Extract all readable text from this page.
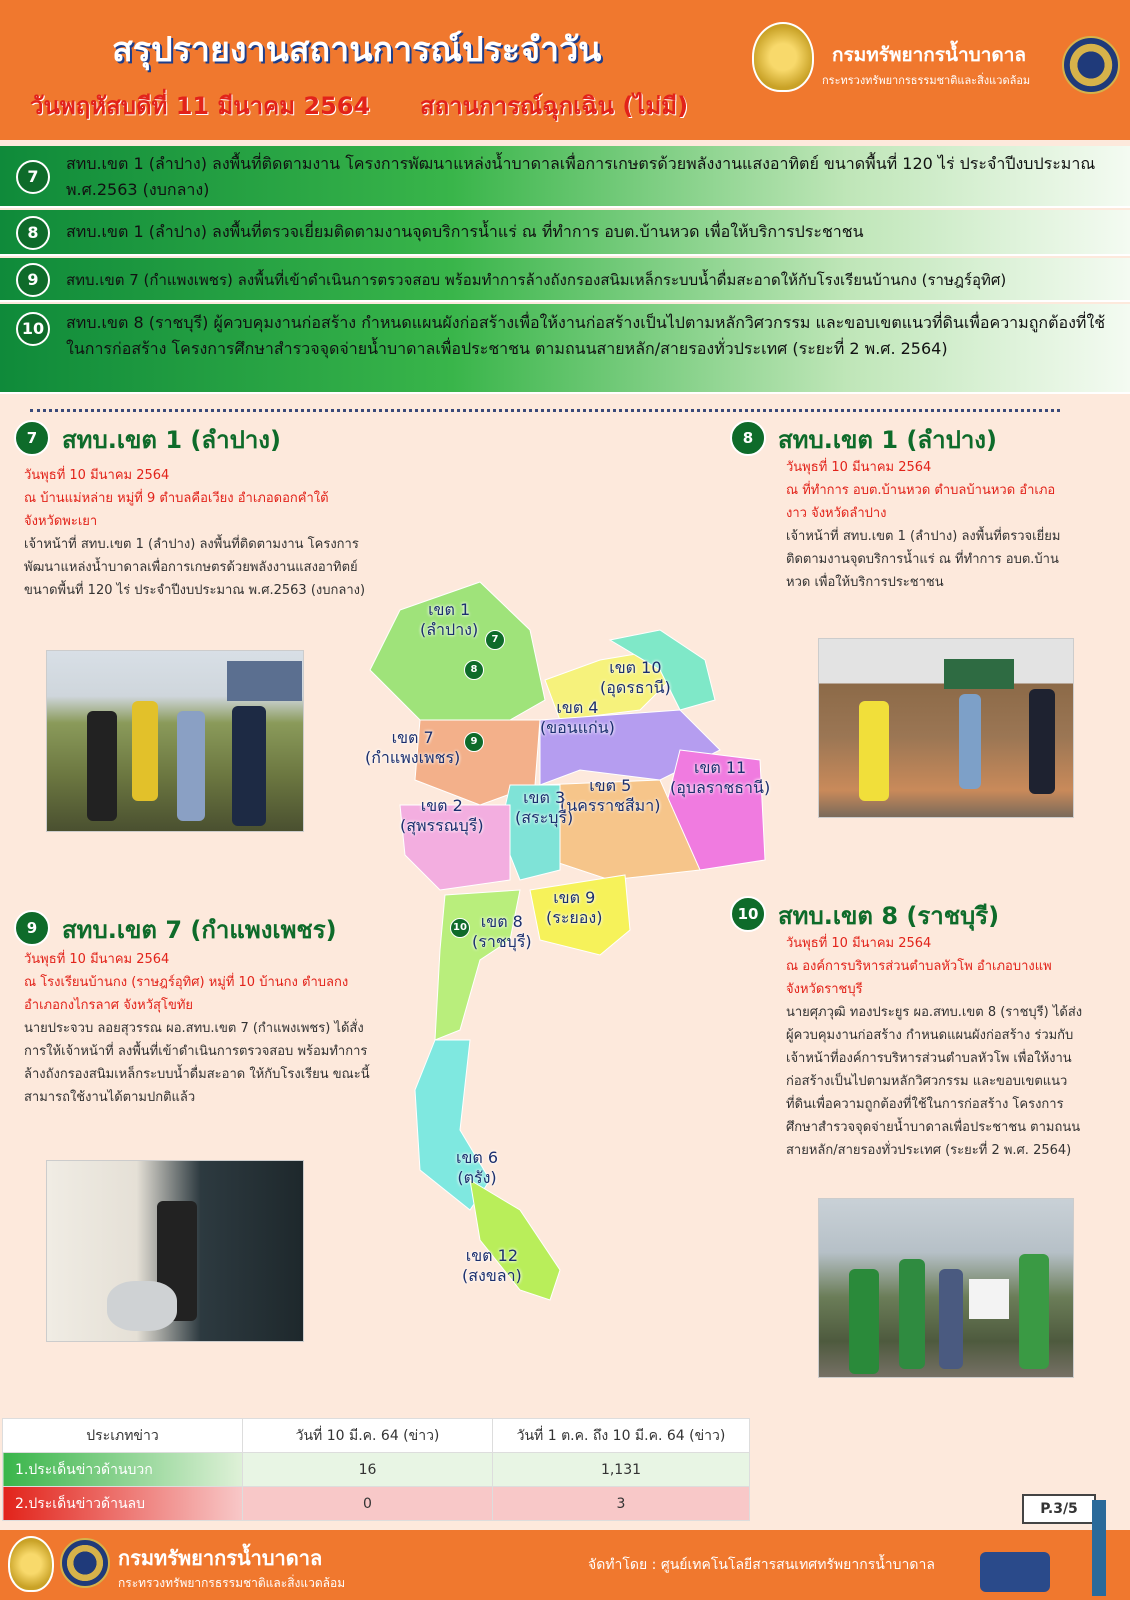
สรุปรายงานสถานการณ์ประจำวัน
วันพฤหัสบดีที่ 11 มีนาคม 2564 สถานการณ์ฉุกเฉิน (ไม่มี)
กรมทรัพยากรน้ำบาดาล
กระทรวงทรัพยากรธรรมชาติและสิ่งแวดล้อม
7
สทบ.เขต 1 (ลำปาง) ลงพื้นที่ติดตามงาน โครงการพัฒนาแหล่งน้ำบาดาลเพื่อการเกษตรด้วยพลังงานแสงอาทิตย์ ขนาดพื้นที่ 120 ไร่ ประจำปีงบประมาณ พ.ศ.2563 (งบกลาง)
8	สทบ.เขต 1 (ลำปาง) ลงพื้นที่ตรวจเยี่ยมติดตามงานจุดบริการน้ำแร่ ณ ที่ทำการ อบต.บ้านหวด เพื่อให้บริการประชาชน
9	สทบ.เขต 7 (กำแพงเพชร) ลงพื้นที่เข้าดำเนินการตรวจสอบ พร้อมทำการล้างถังกรองสนิมเหล็กระบบน้ำดื่มสะอาดให้กับโรงเรียนบ้านกง (ราษฎร์อุทิศ)
10	สทบ.เขต 8 (ราชบุรี) ผู้ควบคุมงานก่อสร้าง กำหนดแผนผังก่อสร้างเพื่อให้งานก่อสร้างเป็นไปตามหลักวิศวกรรม และขอบเขตแนวที่ดินเพื่อความถูกต้องที่ใช้ในการก่อสร้าง โครงการศึกษาสำรวจจุดจ่ายน้ำบาดาลเพื่อประชาชน ตามถนนสายหลัก/สายรองทั่วประเทศ (ระยะที่ 2 พ.ศ. 2564)
7	สทบ.เขต 1 (ลำปาง)
วันพุธที่ 10 มีนาคม 2564
ณ บ้านแม่หล่าย หมู่ที่ 9 ตำบลคือเวียง อำเภอดอกคำใต้ จังหวัดพะเยา
เจ้าหน้าที่ สทบ.เขต 1 (ลำปาง) ลงพื้นที่ติดตามงาน โครงการพัฒนาแหล่งน้ำบาดาลเพื่อการเกษตรด้วยพลังงานแสงอาทิตย์ ขนาดพื้นที่ 120 ไร่ ประจำปีงบประมาณ พ.ศ.2563 (งบกลาง)
8	สทบ.เขต 1 (ลำปาง)
วันพุธที่ 10 มีนาคม 2564
ณ ที่ทำการ อบต.บ้านหวด ตำบลบ้านหวด อำเภองาว จังหวัดลำปาง
เจ้าหน้าที่ สทบ.เขต 1 (ลำปาง) ลงพื้นที่ตรวจเยี่ยมติดตามงานจุดบริการน้ำแร่ ณ ที่ทำการ อบต.บ้านหวด เพื่อให้บริการประชาชน
9	สทบ.เขต 7 (กำแพงเพชร)
วันพุธที่ 10 มีนาคม 2564
ณ โรงเรียนบ้านกง (ราษฎร์อุทิศ) หมู่ที่ 10 บ้านกง ตำบลกง อำเภอกงไกรลาศ จังหวัสุโขทัย
นายประจวบ ลอยสุวรรณ ผอ.สทบ.เขต 7 (กำแพงเพชร) ได้สั่งการให้เจ้าหน้าที่ ลงพื้นที่เข้าดำเนินการตรวจสอบ พร้อมทำการล้างถังกรองสนิมเหล็กระบบน้ำดื่มสะอาด ให้กับโรงเรียน ขณะนี้สามารถใช้งานได้ตามปกติแล้ว
10 สทบ.เขต 8 (ราชบุรี)
วันพุธที่ 10 มีนาคม 2564
ณ องค์การบริหารส่วนตำบลหัวโพ อำเภอบางแพ จังหวัดราชบุรี
นายศุภวุฒิ ทองประยูร ผอ.สทบ.เขต 8 (ราชบุรี) ได้ส่งผู้ควบคุมงานก่อสร้าง กำหนดแผนผังก่อสร้าง ร่วมกับเจ้าหน้าที่องค์การบริหารส่วนตำบลหัวโพ เพื่อให้งานก่อสร้างเป็นไปตามหลักวิศวกรรม และขอบเขตแนวที่ดินเพื่อความถูกต้องที่ใช้ในการก่อสร้าง โครงการศึกษาสำรวจจุดจ่ายน้ำบาดาลเพื่อประชาชน ตามถนนสายหลัก/สายรองทั่วประเทศ (ระยะที่ 2 พ.ศ. 2564)
เขต 1
(ลำปาง)
เขต 10
(อุดรธานี)
เขต 4
(ขอนแก่น)
เขต 7
(กำแพงเพชร)
เขต 5
(นครราชสีมา)
เขต 11
(อุบลราชธานี)
เขต 3
(สระบุรี)
เขต 2
(สุพรรณบุรี)
เขต 9
(ระยอง)
เขต 8
(ราชบุรี)
เขต 6
(ตรัง)
เขต 12
(สงขลา)
7
8
9
10
ประเภทข่าว	วันที่ 10 มี.ค. 64 (ข่าว)	วันที่ 1 ต.ค. ถึง 10 มี.ค. 64 (ข่าว)
1.ประเด็นข่าวด้านบวก	16	1,131
2.ประเด็นข่าวด้านลบ	0	3	P.3/5
กรมทรัพยากรน้ำบาดาล
กระทรวงทรัพยากรธรรมชาติและสิ่งแวดล้อม
จัดทำโดย : ศูนย์เทคโนโลยีสารสนเทศทรัพยากรน้ำบาดาล
